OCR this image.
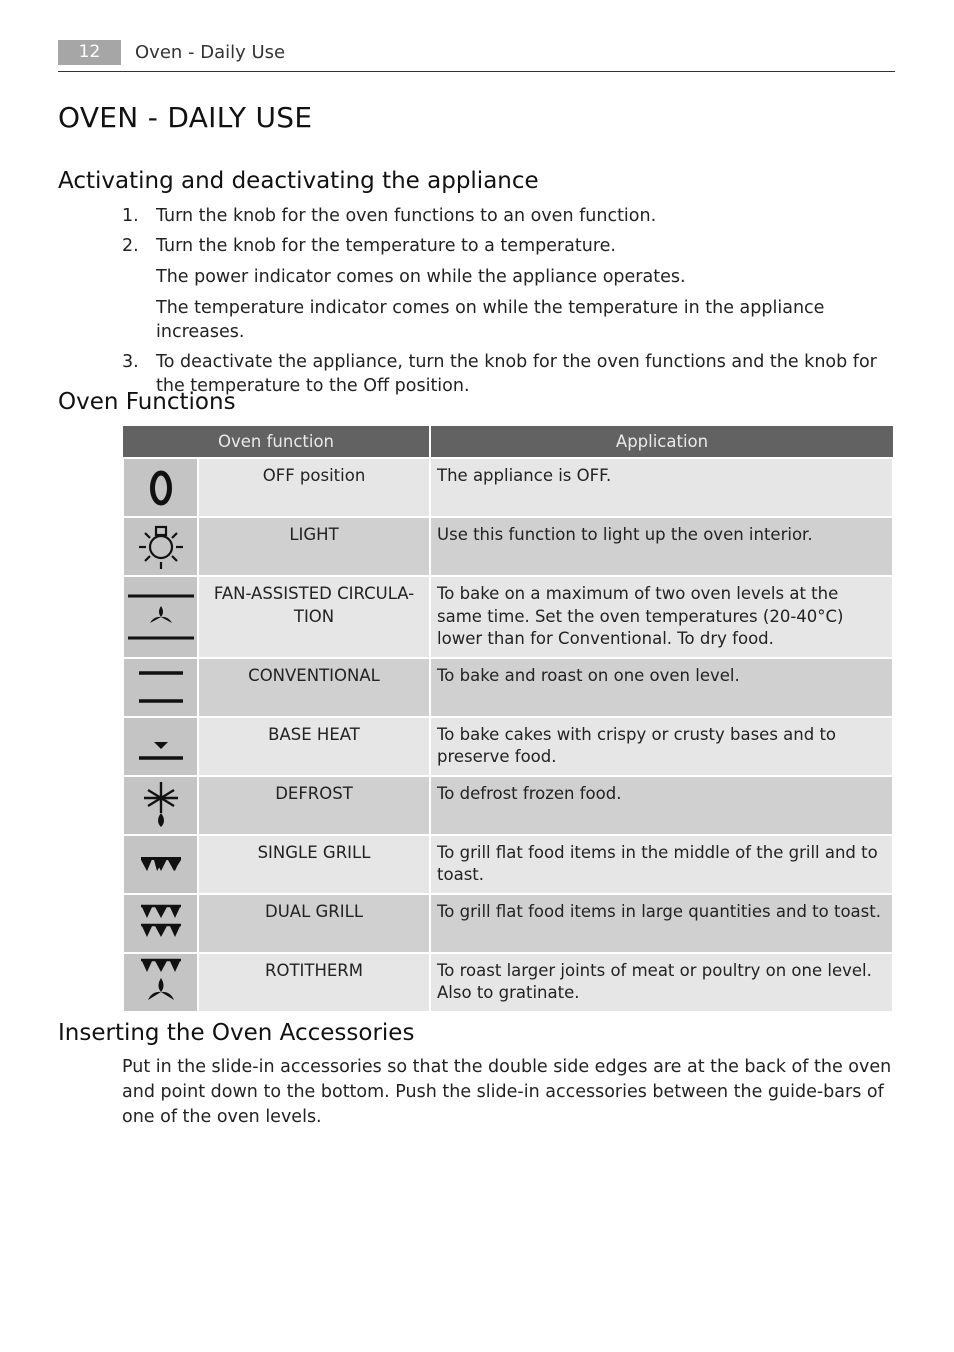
12	Oven - Daily Use
OVEN - DAILY USE
Activating and deactivating the appliance
1. Turn the knob for the oven functions to an oven function.

2. Turn the knob for the temperature to a temperature.

The power indicator comes on while the appliance operates.

The temperature indicator comes on while the temperature in the appliance increases.

3. To deactivate the appliance, turn the knob for the oven functions and the knob for the temperature to the Off position.

Oven Functions
Oven function		Application

	OFF position	The appliance is OFF.

	LIGHT	Use this function to light up the oven interior.

	FAN-ASSISTED CIRCULA-TION	To bake on a maximum of two oven levels at the same time. Set the oven temperatures (20-40°C) lower than for Conventional. To dry food.

	CONVENTIONAL	To bake and roast on one oven level.

	BASE HEAT	To bake cakes with crispy or crusty bases and to preserve food.

	DEFROST	To defrost frozen food.

	SINGLE GRILL	To grill flat food items in the middle of the grill and to toast.

	DUAL GRILL	To grill flat food items in large quantities and to toast.

	ROTITHERM	To roast larger joints of meat or poultry on one level. Also to gratinate.
Inserting the Oven Accessories

Put in the slide-in accessories so that the double side edges are at the back of the oven and point down to the bottom. Push the slide-in accessories between the guide-bars of one of the oven levels.
